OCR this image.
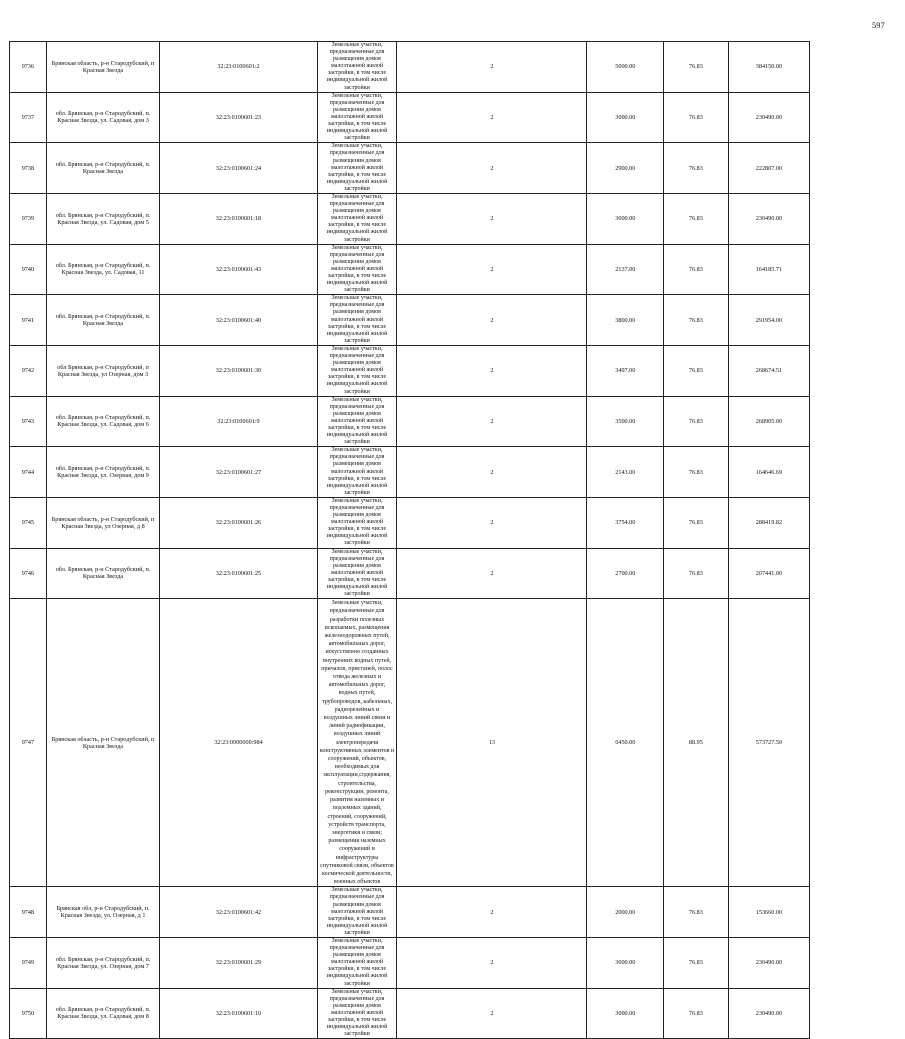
597
9736	Брянская область, р-н Стародубский, п Красная Звезда	32:23:0100601:2	Земельные участки, предназначенные для размещения домов малоэтажной жилой застройки, в том числе индивидуальной жилой застройки	2	5000.00	76.83	384150.00
9737	обл. Брянская, р-н Стародубский, п. Красная Звезда, ул. Садовая, дом 3	32:23:0100601:23	Земельные участки, предназначенные для размещения домов малоэтажной жилой застройки, в том числе индивидуальной жилой застройки	2	3000.00	76.83	230490.00
9738	обл. Брянская, р-н Стародубский, п. Красная Звезда	32:23:0100601:24	Земельные участки, предназначенные для размещения домов малоэтажной жилой застройки, в том числе индивидуальной жилой застройки	2	2900.00	76.83	222807.00
9739	обл. Брянская, р-н Стародубский, п. Красная Звезда, ул. Садовая, дом 5	32:23:0100601:18	Земельные участки, предназначенные для размещения домов малоэтажной жилой застройки, в том числе индивидуальной жилой застройки	2	3000.00	76.83	230490.00
9740	обл. Брянская, р-н Стародубский, п. Красная Звезда, ул. Садовая, 11	32:23:0100601:43	Земельные участки, предназначенные для размещения домов малоэтажной жилой застройки, в том числе индивидуальной жилой застройки	2	2137.00	76.83	164185.71
9741	обл. Брянская, р-н Стародубский, п. Красная Звезда	32:23:0100601:40	Земельные участки, предназначенные для размещения домов малоэтажной жилой застройки, в том числе индивидуальной жилой застройки	2	3800.00	76.83	291954.00
9742	обл Брянская, р-н Стародубский, п Красная Звезда, ул Озерная, дом 3	32:23:0100601:30	Земельные участки, предназначенные для размещения домов малоэтажной жилой застройки, в том числе индивидуальной жилой застройки	2	3497.00	76.83	268674.51
9743	обл. Брянская, р-н Стародубский, п. Красная Звезда, ул. Садовая, дом 6	32:23:0100601:9	Земельные участки, предназначенные для размещения домов малоэтажной жилой застройки, в том числе индивидуальной жилой застройки	2	3500.00	76.83	268905.00
9744	обл. Брянская, р-н Стародубский, п. Красная Звезда, ул. Озерная, дом 9	32:23:0100601:27	Земельные участки, предназначенные для размещения домов малоэтажной жилой застройки, в том числе индивидуальной жилой застройки	2	2143.00	76.83	164646.69
9745	Брянская область, р-н Стародубский, п Красная Звезда, ул Озерная, д 8	32:23:0100601:26	Земельные участки, предназначенные для размещения домов малоэтажной жилой застройки, в том числе индивидуальной жилой застройки	2	3754.00	76.83	288419.82
9746	обл. Брянская, р-н Стародубский, п. Красная Звезда	32:23:0100601:25	Земельные участки, предназначенные для размещения домов малоэтажной жилой застройки, в том числе индивидуальной жилой застройки	2	2700.00	76.83	207441.00
9747	Брянская область, р-н Стародубский, п Красная Звезда	32:23:0000000:984	Земельные участки, предназначенные для разработки полезных ископаемых, размещения железнодорожных путей, автомобильных дорог, искусственно созданных внутренних водных путей, причалов, пристаней, полос отвода железных и автомобильных дорог, водных путей, трубопроводов, кабельных, радиорелейных и воздушных линий связи и линий радиофикации, воздушных линий электропередачи конструктивных элементов и сооружений, объектов, необходимых для эксплуатации,содержания, строительства, реконструкции, ремонта, развития наземных и подземных зданий, строений, сооружений, устройств транспорта, энергетики и связи; размещения наземных сооружений и инфраструктуры спутниковой связи, объектов космической деятельности, военных объектов	13	6450.00	88.95	573727.50
9748	Брянская обл, р-н Стародубский, п. Красная Звезда, ул. Озерная, д 1	32:23:0100601:42	Земельные участки, предназначенные для размещения домов малоэтажной жилой застройки, в том числе индивидуальной жилой застройки	2	2000.00	76.83	153660.00
9749	обл. Брянская, р-н Стародубский, п. Красная Звезда, ул. Озерная, дом 7	32:23:0100601:29	Земельные участки, предназначенные для размещения домов малоэтажной жилой застройки, в том числе индивидуальной жилой застройки	2	3000.00	76.83	230490.00
9750	обл. Брянская, р-н Стародубский, п. Красная Звезда, ул. Садовая, дом 8	32:23:0100601:10	Земельные участки, предназначенные для размещения домов малоэтажной жилой застройки, в том числе индивидуальной жилой застройки	2	3000.00	76.83	230490.00
